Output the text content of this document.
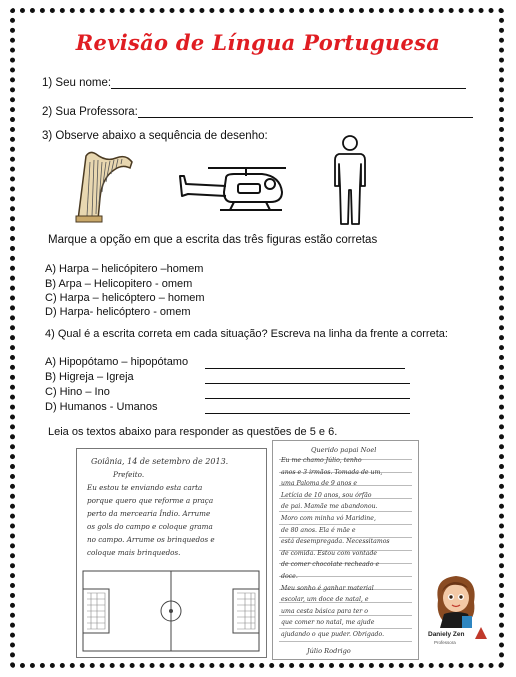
Revisão de Língua Portuguesa
1) Seu nome:
2) Sua Professora:
3) Observe abaixo a sequência de desenho:
Marque a opção em que a escrita das três figuras estão corretas
A) Harpa – helicópitero –homem
B) Arpa – Helicopitero - omem
C) Harpa – helicóptero – homem
D) Harpa- helicóptero - omem
4) Qual é a escrita correta em cada situação? Escreva na linha da frente a correta:
A) Hipopótamo – hipopótamo
B) Higreja – Igreja
C) Hino – Ino
D) Humanos - Umanos
Leia os textos abaixo para responder as questões de 5 e 6.
Goiânia, 14 de setembro de 2013.
Prefeito.
Eu estou te enviando esta carta
porque quero que reforme a praça
perto da mercearia Índio. Arrume
os gols do campo e coloque grama
no campo. Arrume os brinquedos e
coloque mais brinquedos.
Querido papai Noel
Eu me chamo Júlio, tenho
anos e 3 irmãos. Tomada de um,
uma Paloma de 9 anos e
Letícia de 10 anos, sou órfão
de pai. Mamãe me abandonou.
Moro com minha vó Maridine,
de 80 anos. Ela é mãe e
está desempregada. Necessitamos
de comida. Estou com vontade
de comer chocolate recheado e
doce.
Meu sonho é ganhar material
escolar, um doce de natal, e
uma cesta básica para ter o
que comer no natal, me ajude
ajudando o que puder. Obrigado.
Júlio Rodrigo
Daniely Zen
Professora
